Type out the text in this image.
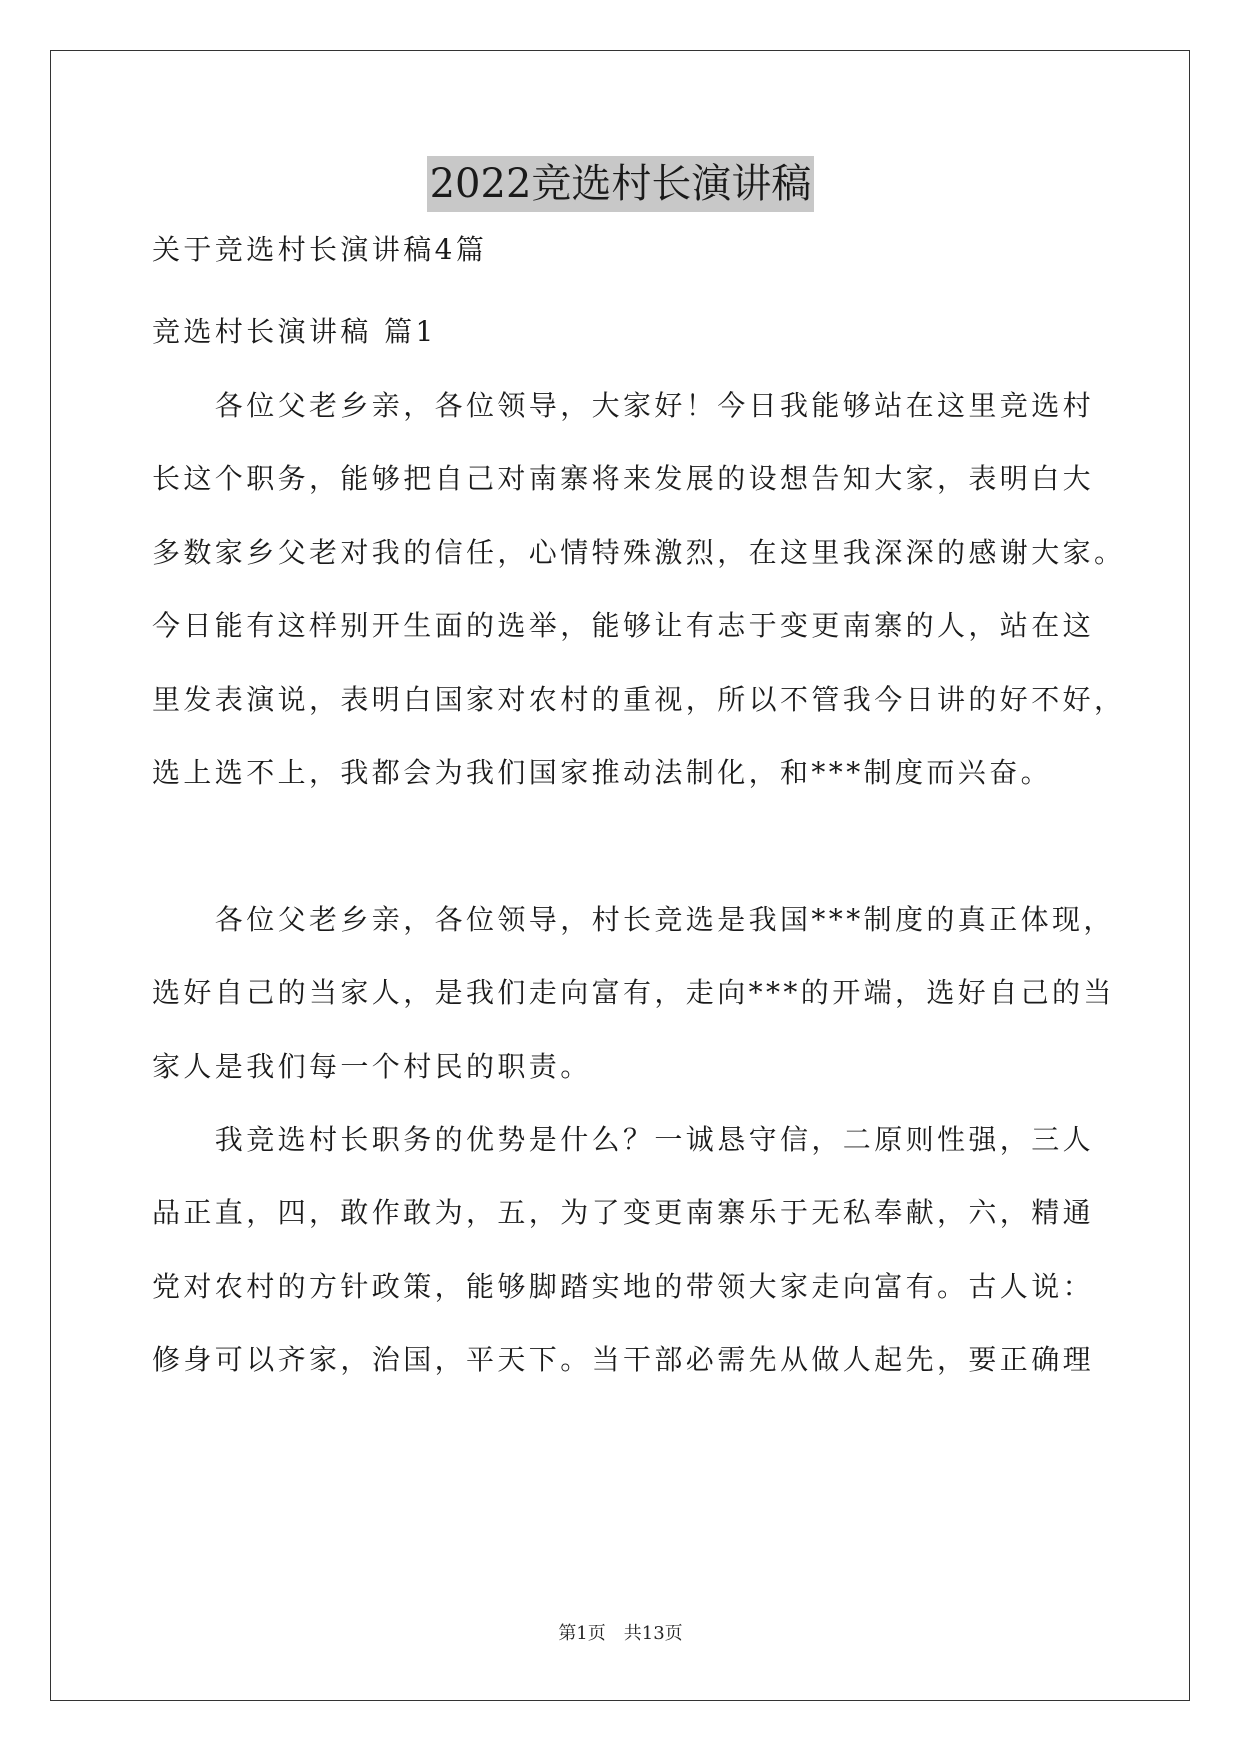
2022竞选村长演讲稿
关于竞选村长演讲稿4篇
竞选村长演讲稿 篇1
　　各位父老乡亲，各位领导，大家好！今日我能够站在这里竞选村
长这个职务，能够把自己对南寨将来发展的设想告知大家，表明白大
多数家乡父老对我的信任，心情特殊激烈，在这里我深深的感谢大家。
今日能有这样别开生面的选举，能够让有志于变更南寨的人，站在这
里发表演说，表明白国家对农村的重视，所以不管我今日讲的好不好，
选上选不上，我都会为我们国家推动法制化，和***制度而兴奋。
　　各位父老乡亲，各位领导，村长竞选是我国***制度的真正体现，
选好自己的当家人，是我们走向富有，走向***的开端，选好自己的当
家人是我们每一个村民的职责。
　　我竞选村长职务的优势是什么？一诚恳守信，二原则性强，三人
品正直，四，敢作敢为，五，为了变更南寨乐于无私奉献，六，精通
党对农村的方针政策，能够脚踏实地的带领大家走向富有。古人说：
修身可以齐家，治国，平天下。当干部必需先从做人起先，要正确理
第1页　共13页
